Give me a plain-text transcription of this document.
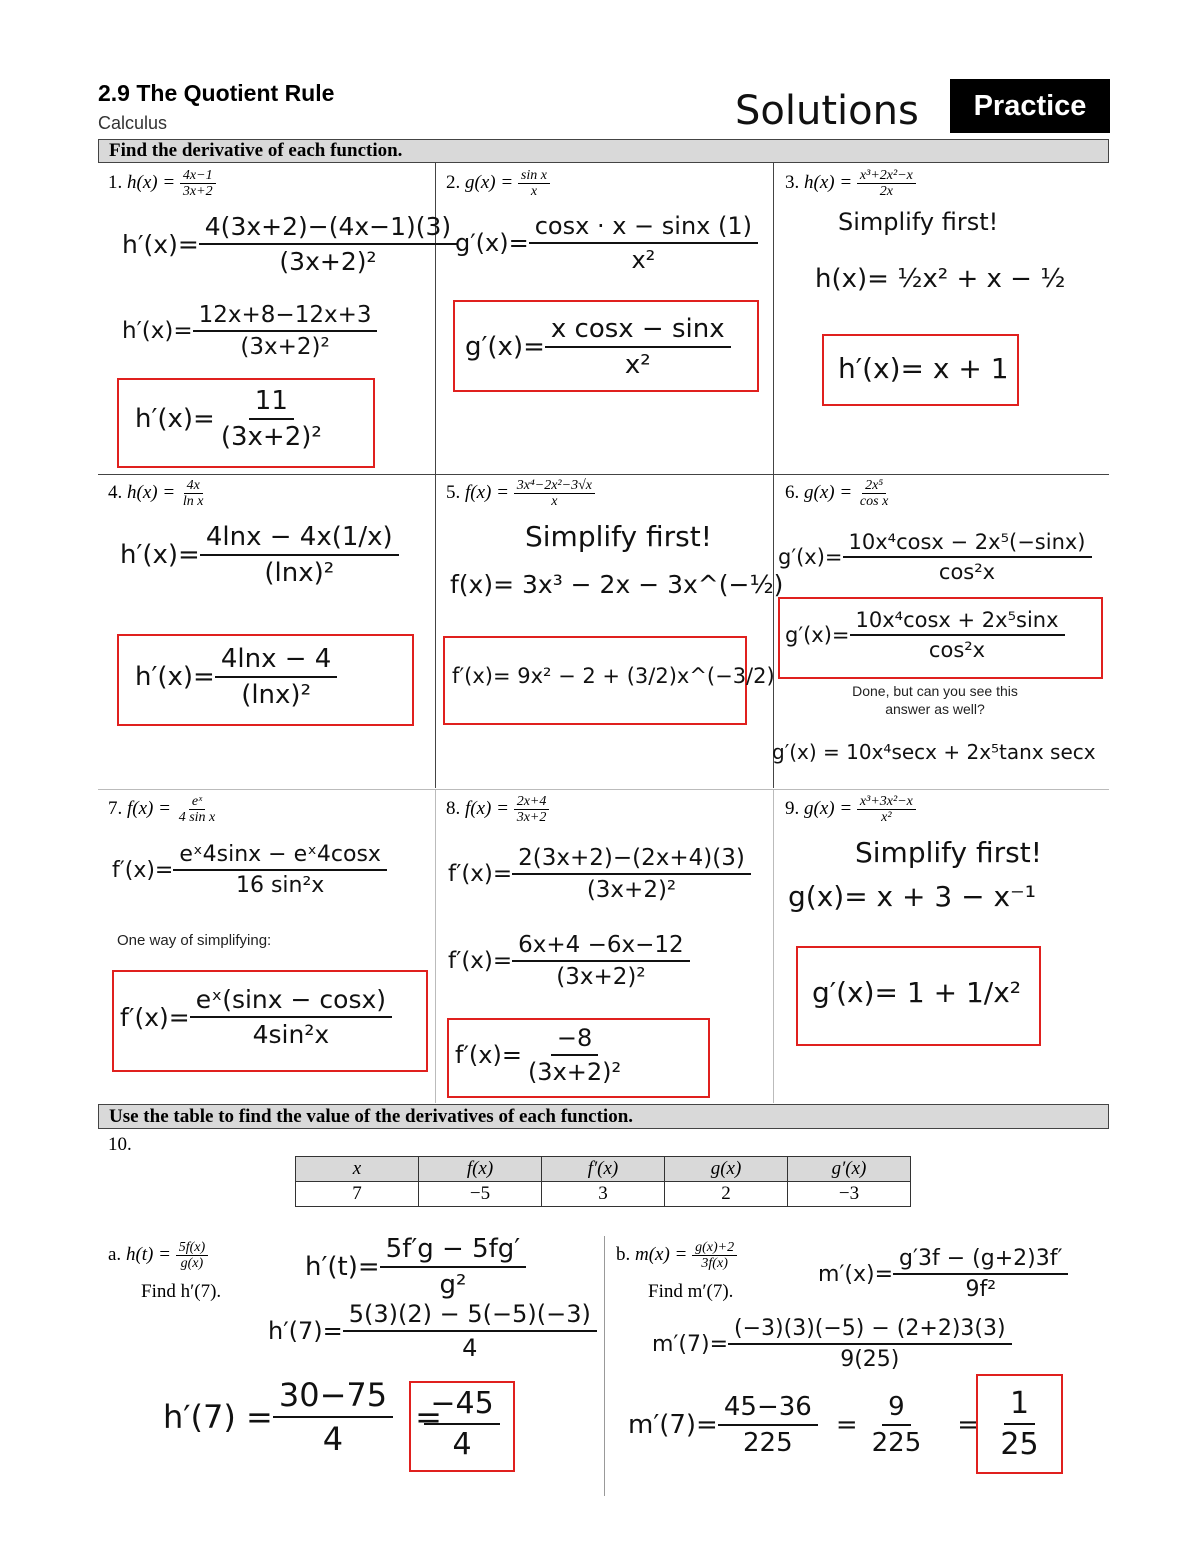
2.9 The Quotient Rule
Calculus	Solutions Practice
Find the derivative of each function.
1. $h(x) = \frac{4x-1}{3x+2}$
$h'(x)= \frac{4(3x+2)-(4x-1)(3)}{\text{(3x+2)²}}$
$h'(x)= \frac{12x+8-12x+3}{\text{(3x+2)²}}$
$h'(x)= \frac{11}{\text{(3x+2)²}}$
2. $g(x) = \frac{\text{sin x}}{x}$
$g'(x)= \frac{\cos x \cdot x - \sin x (1)}{\text{x²}}$
$g'(x)= \frac{\text{x cosx − sinx}}{\text{x²}}$
3. $h(x) = \frac{\text{x³+2x²−x}}{2x}$
Simplify first!
h(x)= ½x² + x − ½
h′(x)= x + 1
4. $h(x) = \frac{4x}{\text{ln x}}$
$h'(x)= \frac{4\ln x - 4x(1/x)}{\text{(lnx)²}}$
$h'(x)= \frac{4\ln x - 4}{\text{(lnx)²}}$
5. $f(x) = \frac{\text{3x⁴−2x²−3√x}}{x}$
Simplify first!
f(x)= 3x³ − 2x − 3x^(−½)
f′(x)= 9x² − 2 + (3/2)x^(−3/2)
6. $g(x) = \frac{\text{2x⁵}}{\text{cos x}}$
$g'(x)= \frac{\text{10x⁴cosx − 2x⁵(−sinx)}}{\text{cos²x}}$
$g'(x)= \frac{\text{10x⁴cosx + 2x⁵sinx}}{\text{cos²x}}$
Done, but can you see this answer as well?
g′(x) = 10x⁴secx + 2x⁵tanx secx
7. $f(x) = \frac{\text{eˣ}}{\text{4 sin x}}$
$f'(x)= \frac{\text{eˣ4sinx − eˣ4cosx}}{\text{16 sin²x}}$
One way of simplifying:
$f'(x)= \frac{\text{eˣ(sinx − cosx)}}{\text{4sin²x}}$
8. $f(x) = \frac{2x+4}{3x+2}$
$f'(x)= \frac{2(3x+2)-(2x+4)(3)}{\text{(3x+2)²}}$
$f'(x)= \frac{6x+4 -6x-12}{\text{(3x+2)²}}$
$f'(x)= \frac{-8}{\text{(3x+2)²}}$
9. $g(x) = \frac{\text{x³+3x²−x}}{\text{x²}}$
Simplify first!
g(x)= x + 3 − x⁻¹
g′(x)= 1 + 1/x²
Use the table to find the value of the derivatives of each function.
10.
x	f(x)	f′(x)	g(x)	g′(x)
7	−5	3	2	−3
a. $h(t) = \frac{5f(x)}{g(x)}$
Find h′(7).
$h'(t)= \frac{5f'g - 5fg'}{\text{g²}}$
$h'(7)= \frac{5(3)(2) - 5(-5)(-3)}{4}$
$h'(7) = \frac{30-75}{4}$ =
$\frac{-45}{4}$
b. $m(x) = \frac{g(x)+2}{3f(x)}$
Find m′(7).
$m'(x)= \frac{g'3f - (g+2)3f'}{\text{9f²}}$
$m'(7)= \frac{(-3)(3)(-5) - (2+2)3(3)}{9(25)}$
$m'(7)= \frac{45-36}{225} = \frac{9}{225} = \frac{1}{25}$
